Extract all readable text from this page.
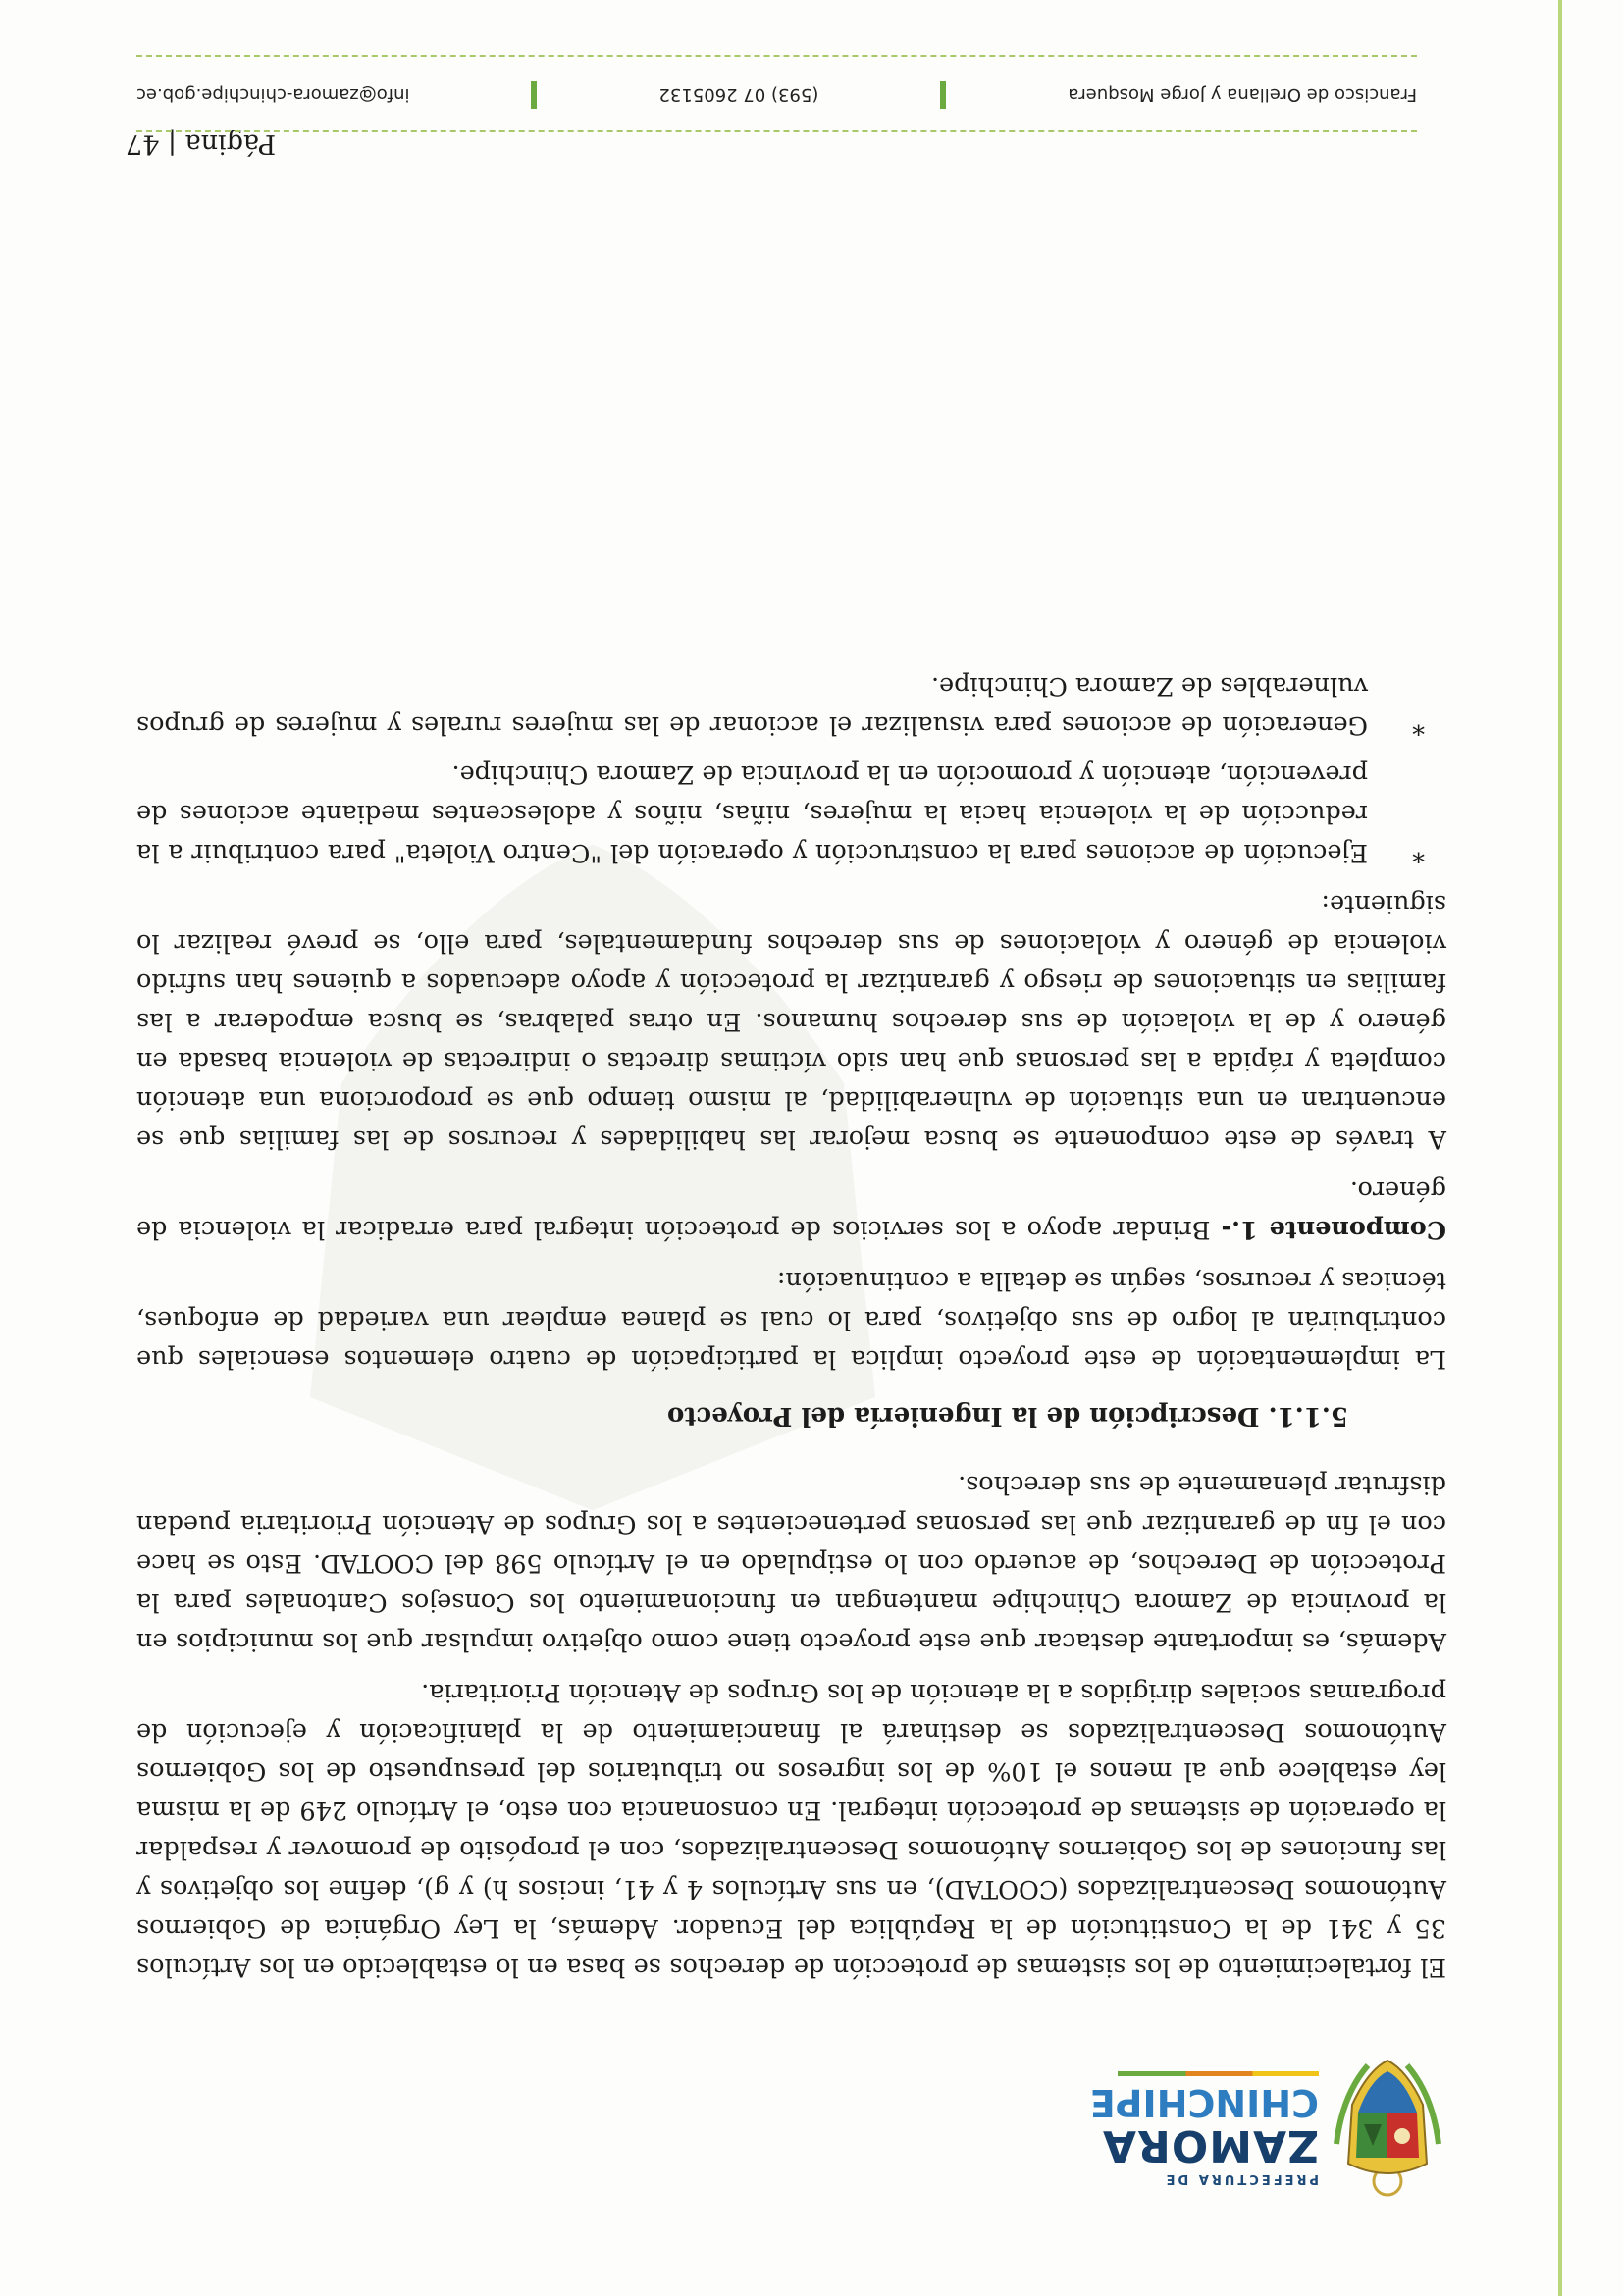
PREFECTURA DE
ZAMORA
CHINCHIPE

El fortalecimiento de los sistemas de protección de derechos se basa en lo establecido en los Artículos 35 y 341 de la Constitución de la República del Ecuador. Además, la Ley Orgánica de Gobiernos Autónomos Descentralizados (COOTAD), en sus Artículos 4 y 41, incisos h) y g), define los objetivos y las funciones de los Gobiernos Autónomos Descentralizados, con el propósito de promover y respaldar la operación de sistemas de protección integral. En consonancia con esto, el Artículo 249 de la misma ley establece que al menos el 10% de los ingresos no tributarios del presupuesto de los Gobiernos Autónomos Descentralizados se destinará al financiamiento de la planificación y ejecución de programas sociales dirigidos a la atención de los Grupos de Atención Prioritaria.

Además, es importante destacar que este proyecto tiene como objetivo impulsar que los municipios en la provincia de Zamora Chinchipe mantengan en funcionamiento los Consejos Cantonales para la Protección de Derechos, de acuerdo con lo estipulado en el Artículo 598 del COOTAD. Esto se hace con el fin de garantizar que las personas pertenecientes a los Grupos de Atención Prioritaria puedan disfrutar plenamente de sus derechos.

5.1.1. Descripción de la Ingeniería del Proyecto

La implementación de este proyecto implica la participación de cuatro elementos esenciales que contribuirán al logro de sus objetivos, para lo cual se planea emplear una variedad de enfoques, técnicas y recursos, según se detalla a continuación:

Componente 1.- Brindar apoyo a los servicios de protección integral para erradicar la violencia de género.

A través de este componente se busca mejorar las habilidades y recursos de las familias que se encuentran en una situación de vulnerabilidad, al mismo tiempo que se proporciona una atención completa y rápida a las personas que han sido víctimas directas o indirectas de violencia basada en género y de la violación de sus derechos humanos. En otras palabras, se busca empoderar a las familias en situaciones de riesgo y garantizar la protección y apoyo adecuados a quienes han sufrido violencia de género y violaciones de sus derechos fundamentales, para ello, se prevé realizar lo siguiente:

*
Ejecución de acciones para la construcción y operación del "Centro Violeta" para contribuir a la reducción de la violencia hacia la mujeres, niñas, niños y adolescentes mediante acciones de prevención, atención y promoción en la provincia de Zamora Chinchipe.
*
Generación de acciones para visualizar el accionar de las mujeres rurales y mujeres de grupos vulnerables de Zamora Chinchipe.
Página | 47
Francisco de Orellana y Jorge Mosquera
(593) 07 2605132
info@zamora-chinchipe.gob.ec
